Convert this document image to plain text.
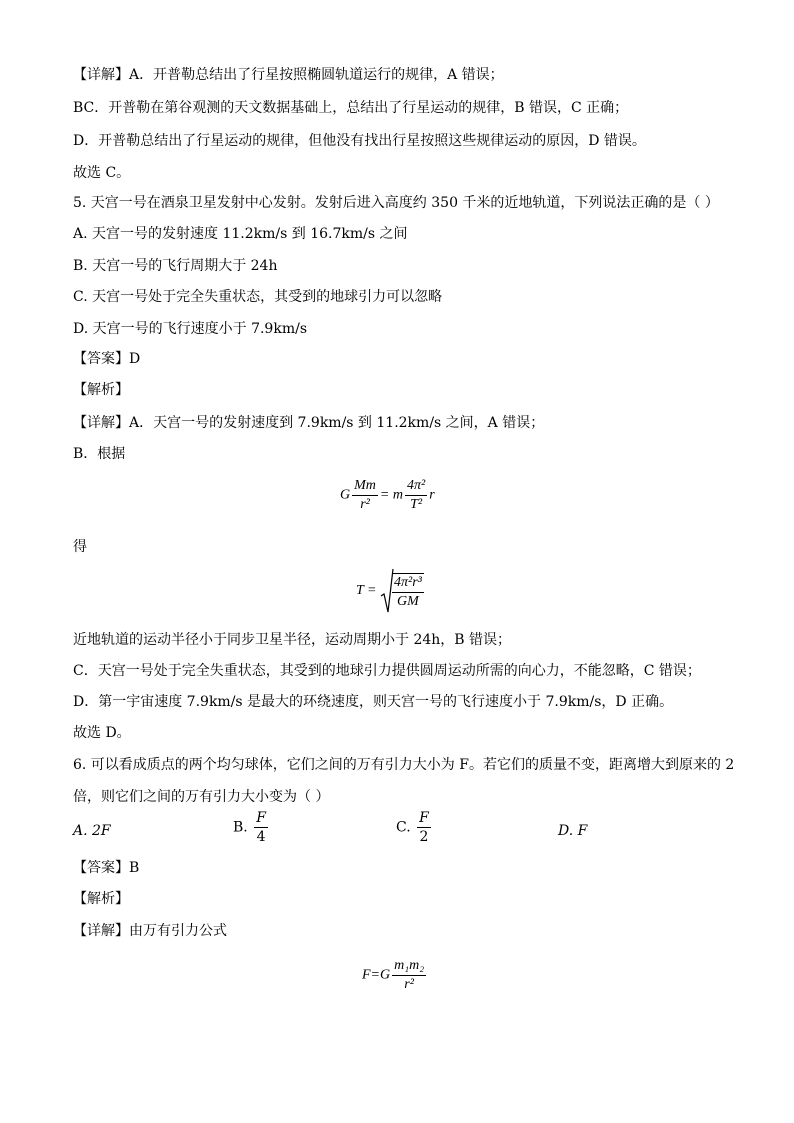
【详解】A．开普勒总结出了行星按照椭圆轨道运行的规律，A 错误；
BC．开普勒在第谷观测的天文数据基础上，总结出了行星运动的规律，B 错误，C 正确；
D．开普勒总结出了行星运动的规律，但他没有找出行星按照这些规律运动的原因，D 错误。
故选 C。
5. 天宫一号在酒泉卫星发射中心发射。发射后进入高度约 350 千米的近地轨道，下列说法正确的是（ ）
A. 天宫一号的发射速度 11.2km/s 到 16.7km/s 之间
B. 天宫一号的飞行周期大于 24h
C. 天宫一号处于完全失重状态，其受到的地球引力可以忽略
D. 天宫一号的飞行速度小于 7.9km/s
【答案】D
【解析】
【详解】A．天宫一号的发射速度到 7.9km/s 到 11.2km/s 之间，A 错误；
B．根据
G $\frac{Mm}{\text{r²}} = m \frac{\text{4π²}}{\text{T²}}$ r
得
$T = \frac{\text{4π²r³}}{GM}$
近地轨道的运动半径小于同步卫星半径，运动周期小于 24h，B 错误；
C．天宫一号处于完全失重状态，其受到的地球引力提供圆周运动所需的向心力，不能忽略，C 错误；
D．第一宇宙速度 7.9km/s 是最大的环绕速度，则天宫一号的飞行速度小于 7.9km/s，D 正确。
故选 D。
6. 可以看成质点的两个均匀球体，它们之间的万有引力大小为 F。若它们的质量不变，距离增大到原来的 2
倍，则它们之间的万有引力大小变为（ ）
A. 2F	B. $\frac{F}{4}$	C. $\frac{F}{2}$	D. F
【答案】B
【解析】
【详解】由万有引力公式
$F=G \frac{\text{m₁m₂}}{\text{r²}}$
